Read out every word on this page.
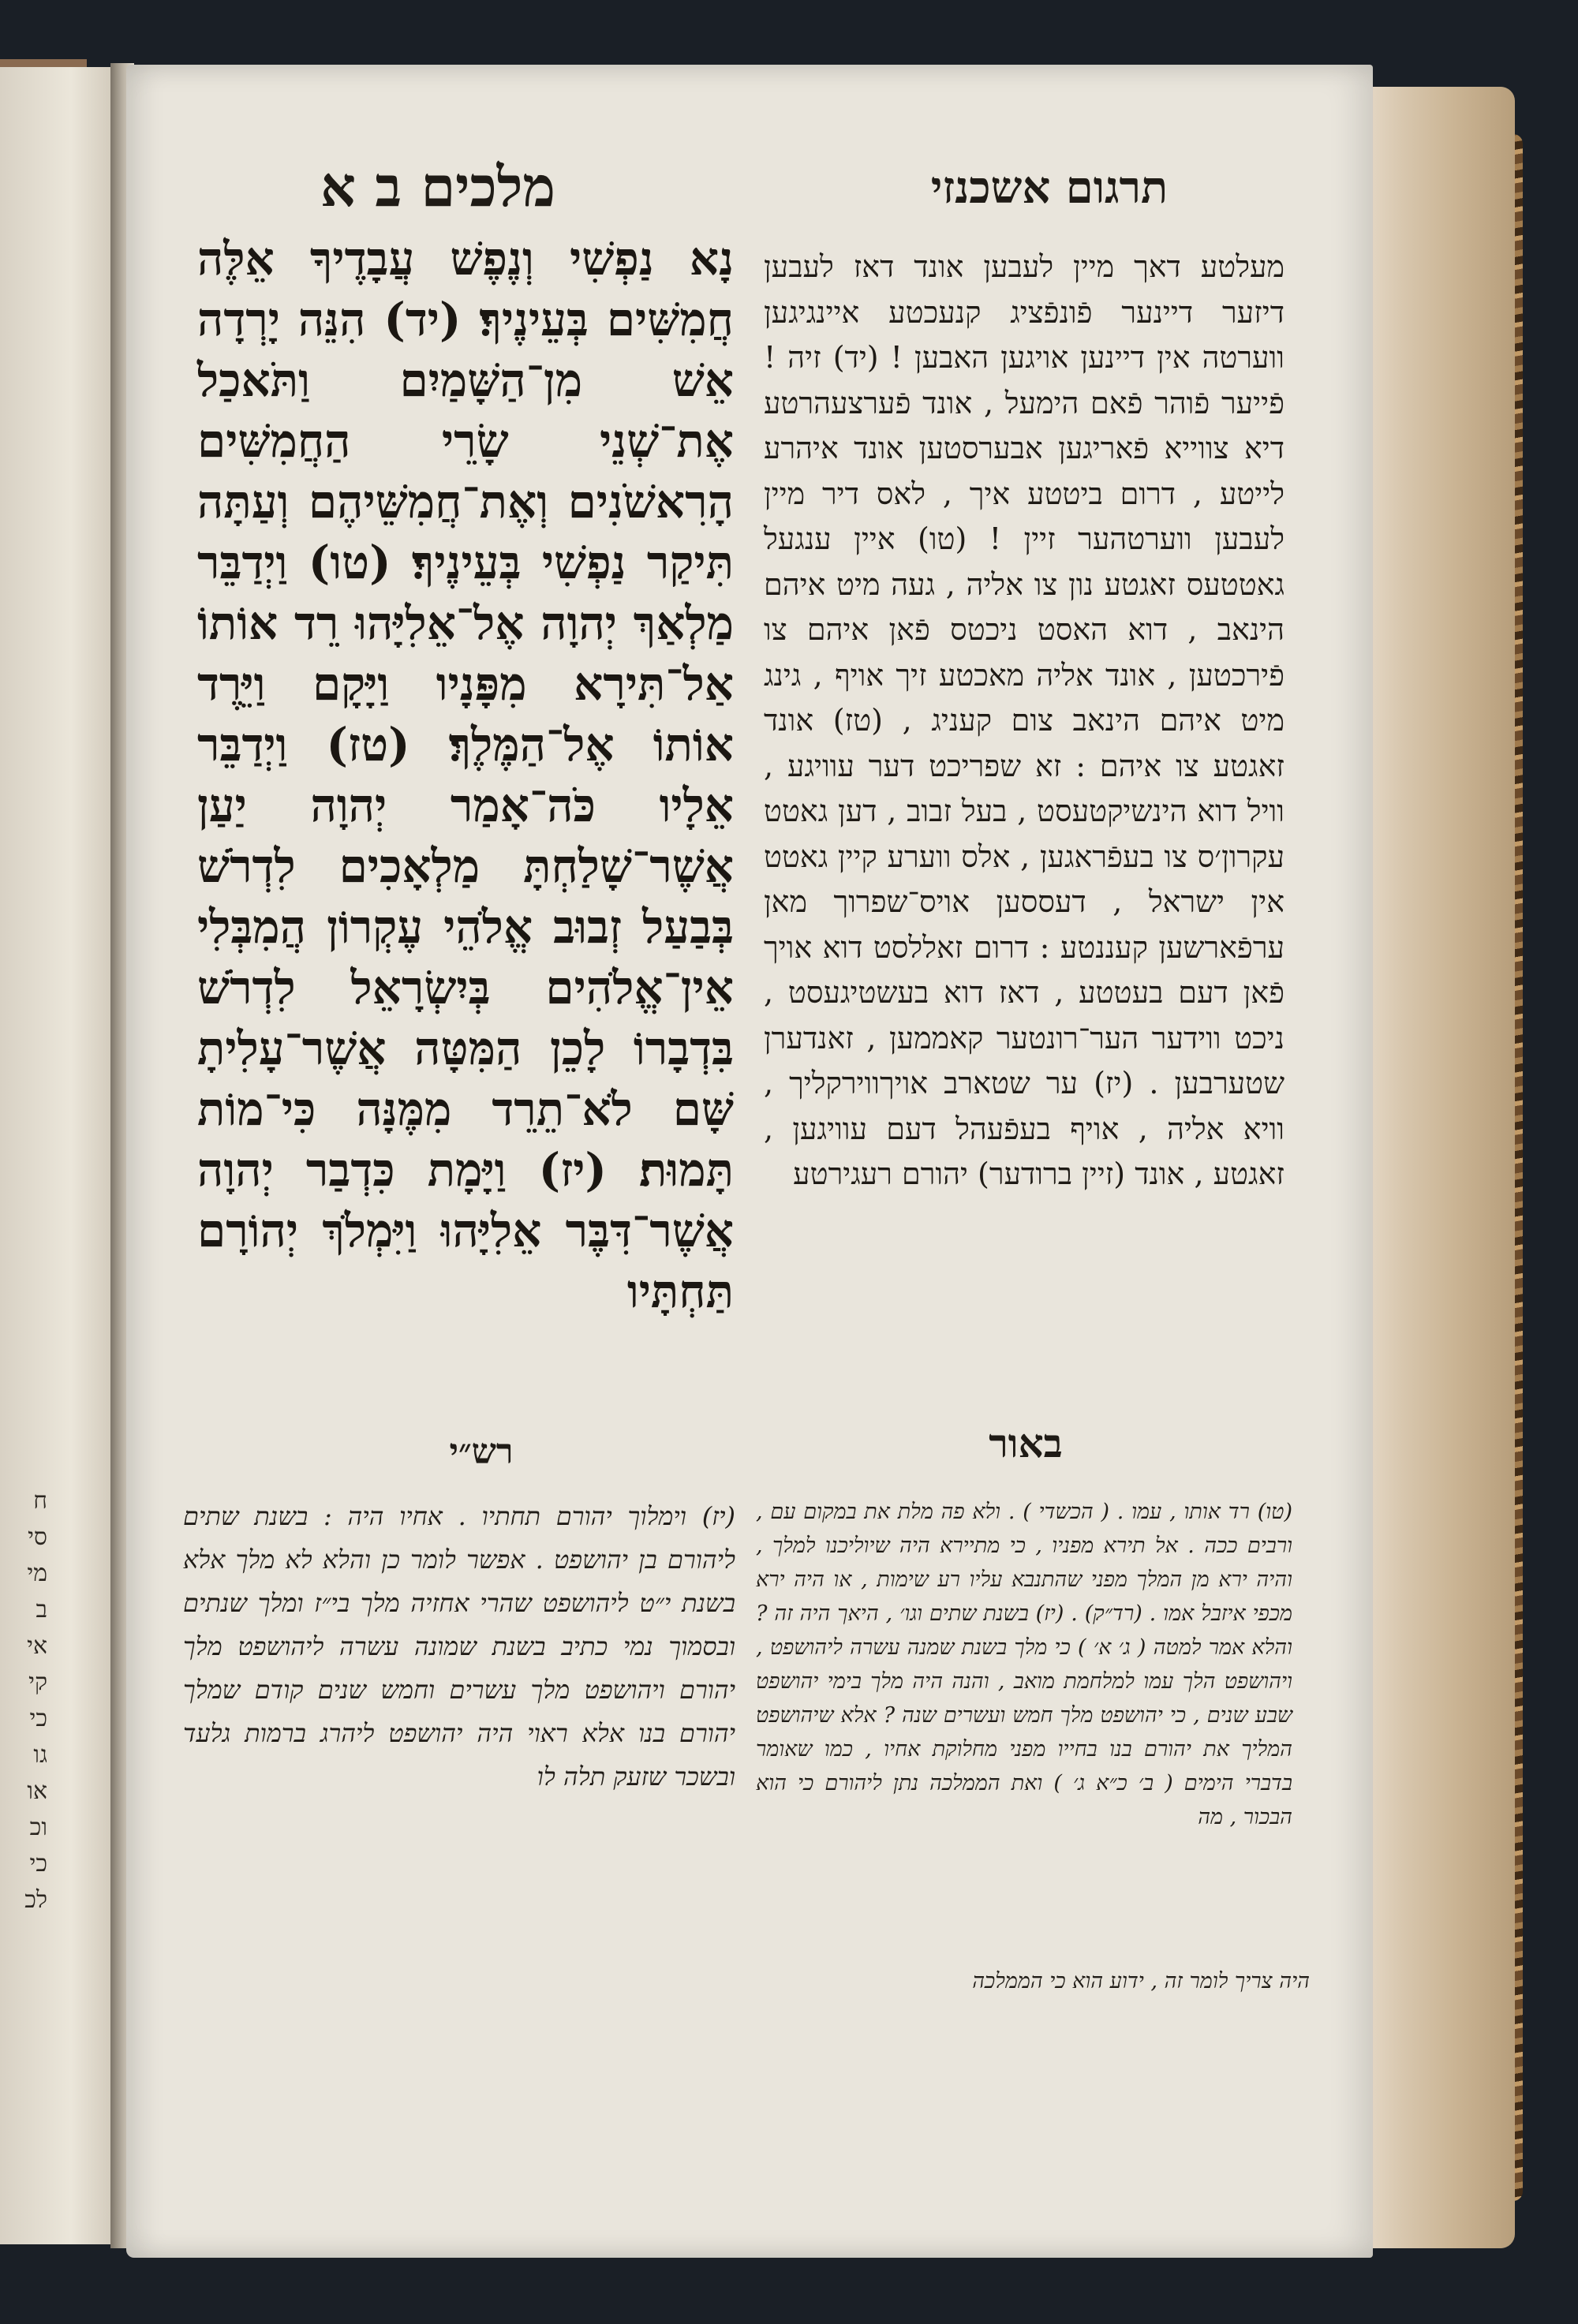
ח
סי
מי
ב
אי
קי
כי
גו
או
וכ
כי
לכ
תרגום אשכנזי
מלכים ב א

נָא נַפְשִׁי וְנֶפֶשׁ עֲבָדֶיךָ אֵלֶּה חֲמִשִּׁים בְּעֵינֶיךָ׃ (יד) הִנֵּה יָרְדָה אֵשׁ מִן־הַשָּׁמַיִם וַתֹּאכַל אֶת־שְׁנֵי שָׂרֵי הַחֲמִשִּׁים הָרִאשֹׁנִים וְאֶת־חֲמִשֵּׁיהֶם וְעַתָּה תִּיקַר נַפְשִׁי בְּעֵינֶיךָ׃ (טו) וַיְדַבֵּר מַלְאַךְ יְהוָה אֶל־אֵלִיָּהוּ רֵד אוֹתוֹ אַל־תִּירָא מִפָּנָיו וַיָּקָם וַיֵּרֶד אוֹתוֹ אֶל־הַמֶּלֶךְ׃ (טז) וַיְדַבֵּר אֵלָיו כֹּה־אָמַר יְהוָה יַעַן אֲשֶׁר־שָׁלַחְתָּ מַלְאָכִים לִדְרֹשׁ בְּבַעַל זְבוּב אֱלֹהֵי עֶקְרוֹן הֲמִבְּלִי אֵין־אֱלֹהִים בְּיִשְׂרָאֵל לִדְרֹשׁ בִּדְבָרוֹ לָכֵן הַמִּטָּה אֲשֶׁר־עָלִיתָ שָּׁם לֹא־תֵרֵד מִמֶּנָּה כִּי־מוֹת תָּמוּת׃ (יז) וַיָּמָת כִּדְבַר יְהוָה אֲשֶׁר־דִּבֶּר אֵלִיָּהוּ וַיִּמְלֹךְ יְהוֹרָם תַּחְתָּיו

מעלטע דאך מיין לעבען אונד דאז לעבען דיזער דיינער פֿונפֿציג קנעכטע איינגיגען ווערטה אין דיינען אויגען האבען ! (יד) זיה ! פֿייער פֿוהר פֿאם הימעל , אונד פֿערצעהרטע דיא צווייא פֿאריגען אבערסטען אונד איהרע לייטע , דרום ביטטע איך , לאס דיר מיין לעבען ווערטהער זיין ! (טו) איין ענגעל גאטטעס זאגטע נון צו אליה , געה מיט איהם הינאב , דוא האסט ניכטס פֿאן איהם צו פֿירכטען , אונד אליה מאכטע זיך אויף , גינג מיט איהם הינאב צום קעניג , (טז) אונד זאגטע צו איהם : זא שפריכט דער עוויגע , וויל דוא הינשיקטעסט , בעל זבוב , דען גאטט עקרון׳ס צו בעפֿראגען , אלס ווערע קיין גאטט אין ישראל , דעססען אויס־שפרוך מאן ערפֿארשען קעננטע : דרום זאללסט דוא אויך פֿאן דעם בעטטע , דאז דוא בעשטיגעסט , ניכט ווידער הער־רונטער קאממען , זאנדערן שטערבען . (יז) ער שטארב אויךווירקליך , וויא אליה , אויף בעפֿעהל דעם עוויגען , זאגטע , אונד (זיין ברודער) יהורם רעגירטע

רש״י	באור

(יז) וימלוך יהורם תחתיו . אחיו היה : בשנת שתים ליהורם בן יהושפט . אפשר לומר כן והלא לא מלך אלא בשנת י״ט ליהושפט שהרי אחזיה מלך בי״ז ומלך שנתים ובסמוך נמי כתיב בשנת שמונה עשרה ליהושפט מלך יהורם ויהושפט מלך עשרים וחמש שנים קודם שמלך יהורם בנו אלא ראוי היה יהושפט ליהרג ברמות גלעד ובשכר שזעק תלה לו

(טו) רד אותו , עמו . ( הכשדי ) . ולא פה מלת את במקום עם , ורבים ככה . אל תירא מפניו , כי מתיירא היה שיוליכנו למלך , והיה ירא מן המלך מפני שהתנבא עליו רע שימות , או היה ירא מכפי איזבל אמו . (רד״ק) . (יז) בשנת שתים וגו׳ , היאך היה זה ? והלא אמר למטה ( ג׳ א׳ ) כי מלך בשנת שמנה עשרה ליהושפט , ויהושפט הלך עמו למלחמת מואב , והנה היה מלך בימי יהושפט שבע שנים , כי יהושפט מלך חמש ועשרים שנה ? אלא שיהושפט המליך את יהורם בנו בחייו מפני מחלוקת אחיו , כמו שאומר בדברי הימים ( ב׳ כ״א ג׳ ) ואת הממלכה נתן ליהורם כי הוא הבכור , מה

היה צריך לומר זה , ידוע הוא כי הממלכה
